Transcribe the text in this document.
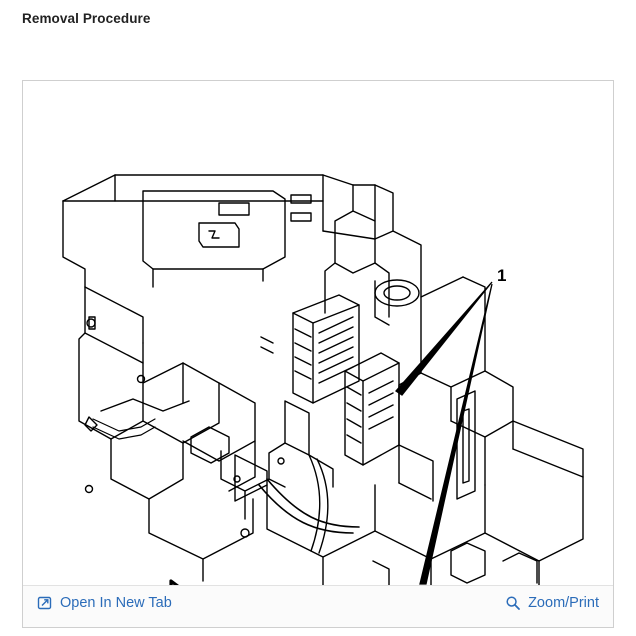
Removal Procedure
1
Open In New Tab	Zoom/Print
